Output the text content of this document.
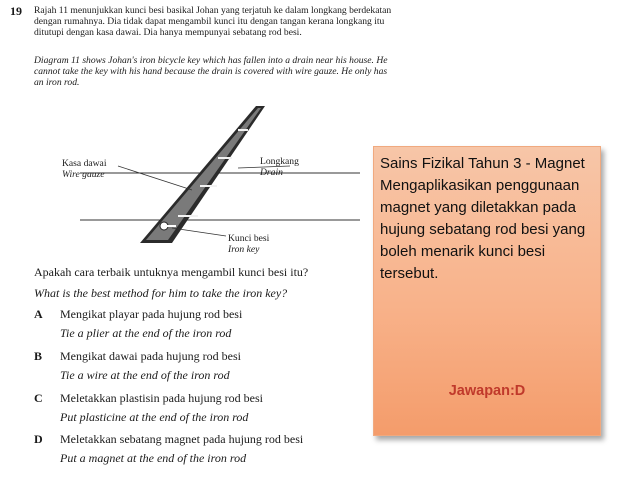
19 Rajah 11 menunjukkan kunci besi basikal Johan yang terjatuh ke dalam longkang berdekatan dengan rumahnya. Dia tidak dapat mengambil kunci itu dengan tangan kerana longkang itu ditutupi dengan kasa dawai. Dia hanya mempunyai sebatang rod besi.

Diagram 11 shows Johan's iron bicycle key which has fallen into a drain near his house. He cannot take the key with his hand because the drain is covered with wire gauze. He only has an iron rod.

Kasa dawai
Wire gauze
Longkang
Drain
Kunci besi
Iron key
Apakah cara terbaik untuknya mengambil kunci besi itu?
What is the best method for him to take the iron key?
A Mengikat playar pada hujung rod besi
Tie a plier at the end of the iron rod
B Mengikat dawai pada hujung rod besi
Tie a wire at the end of the iron rod
C Meletakkan plastisin pada hujung rod besi
Put plasticine at the end of the iron rod
D Meletakkan sebatang magnet pada hujung rod besi
Put a magnet at the end of the iron rod

Sains Fizikal Tahun 3 - Magnet Mengaplikasikan penggunaan magnet yang diletakkan pada hujung sebatang rod besi yang boleh menarik kunci besi tersebut.

Jawapan:D
